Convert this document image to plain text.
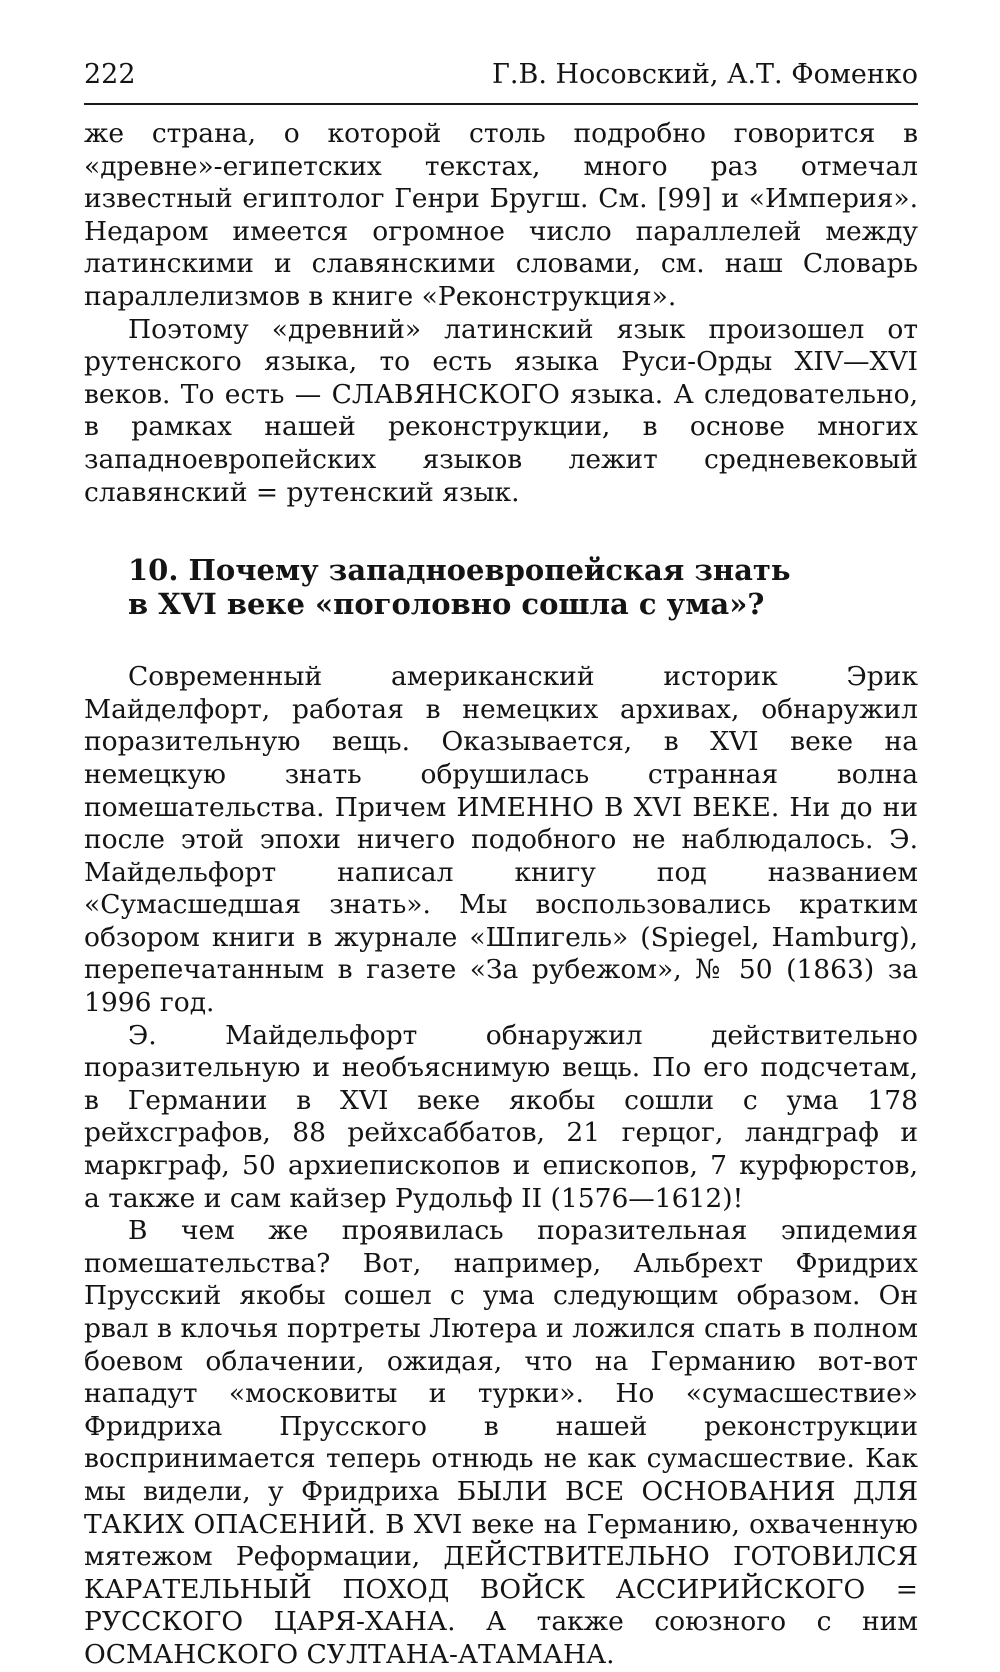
222	Г.В. Носовский, А.Т. Фоменко

же страна, о которой столь подробно говорится в «древне»-египетских текстах, много раз отмечал известный египтолог Генри Бругш. См. [99] и «Империя». Недаром имеется огромное число параллелей между латинскими и славянскими словами, см. наш Словарь параллелизмов в книге «Реконструкция».

Поэтому «древний» латинский язык произошел от рутенского языка, то есть языка Руси-Орды XIV—XVI веков. То есть — СЛАВЯНСКОГО языка. А следовательно, в рамках нашей реконструкции, в основе многих западноевропейских языков лежит средневековый славянский = рутенский язык.

10. Почему западноевропейская знать
в XVI веке «поголовно сошла с ума»?

Современный американский историк Эрик Майделфорт, работая в немецких архивах, обнаружил поразительную вещь. Оказывается, в XVI веке на немецкую знать обрушилась странная волна помешательства. Причем ИМЕННО В XVI ВЕКЕ. Ни до ни после этой эпохи ничего подобного не наблюдалось. Э. Майдельфорт написал книгу под названием «Сумасшедшая знать». Мы воспользовались кратким обзором книги в журнале «Шпигель» (Spiegel, Hamburg), перепечатанным в газете «За рубежом», № 50 (1863) за 1996 год.

Э. Майдельфорт обнаружил действительно поразительную и необъяснимую вещь. По его подсчетам, в Германии в XVI веке якобы сошли с ума 178 рейхсграфов, 88 рейхсаббатов, 21 герцог, ландграф и маркграф, 50 архиепископов и епископов, 7 курфюрстов, а также и сам кайзер Рудольф II (1576—1612)!

В чем же проявилась поразительная эпидемия помешательства? Вот, например, Альбрехт Фридрих Прусский якобы сошел с ума следующим образом. Он рвал в клочья портреты Лютера и ложился спать в полном боевом облачении, ожидая, что на Германию вот-вот нападут «московиты и турки». Но «сумасшествие» Фридриха Прусского в нашей реконструкции воспринимается теперь отнюдь не как сумасшествие. Как мы видели, у Фридриха БЫЛИ ВСЕ ОСНОВАНИЯ ДЛЯ ТАКИХ ОПАСЕНИЙ. В XVI веке на Германию, охваченную мятежом Реформации, ДЕЙСТВИТЕЛЬНО ГОТОВИЛСЯ КАРАТЕЛЬНЫЙ ПОХОД ВОЙСК АССИРИЙСКОГО = РУССКОГО ЦАРЯ-ХАНА. А также союзного с ним ОСМАНСКОГО СУЛТАНА-АТАМАНА.
